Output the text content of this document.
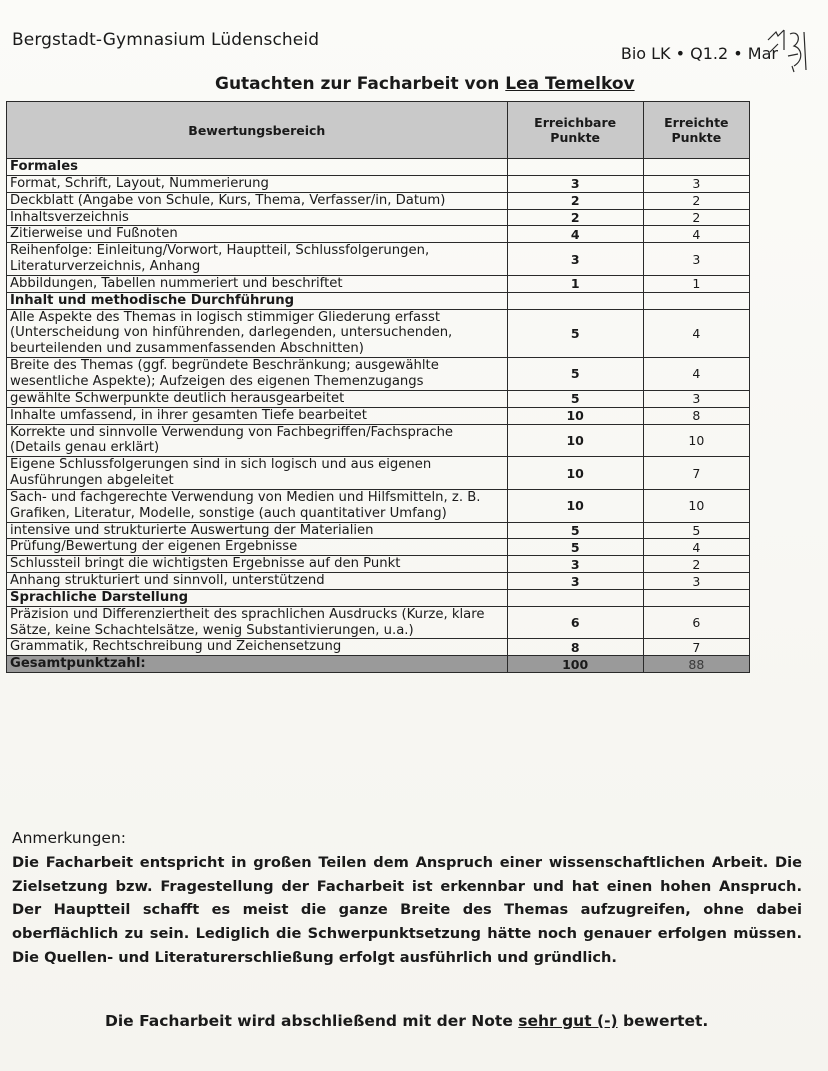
Bergstadt-Gymnasium Lüdenscheid
Bio LK • Q1.2 • Mar
Gutachten zur Facharbeit von Lea Temelkov
Bewertungsbereich	Erreichbare Punkte	Erreichte Punkte
Formales		
Format, Schrift, Layout, Nummerierung	3	3
Deckblatt (Angabe von Schule, Kurs, Thema, Verfasser/in, Datum)	2	2
Inhaltsverzeichnis	2	2
Zitierweise und Fußnoten	4	4
Reihenfolge: Einleitung/Vorwort, Hauptteil, Schlussfolgerungen, Literaturverzeichnis, Anhang	3	3
Abbildungen, Tabellen nummeriert und beschriftet	1	1
Inhalt und methodische Durchführung		
Alle Aspekte des Themas in logisch stimmiger Gliederung erfasst (Unterscheidung von hinführenden, darlegenden, untersuchenden, beurteilenden und zusammenfassenden Abschnitten)	5	4
Breite des Themas (ggf. begründete Beschränkung; ausgewählte wesentliche Aspekte); Aufzeigen des eigenen Themenzugangs	5	4
gewählte Schwerpunkte deutlich herausgearbeitet	5	3
Inhalte umfassend, in ihrer gesamten Tiefe bearbeitet	10	8
Korrekte und sinnvolle Verwendung von Fachbegriffen/Fachsprache (Details genau erklärt)	10	10
Eigene Schlussfolgerungen sind in sich logisch und aus eigenen Ausführungen abgeleitet	10	7
Sach- und fachgerechte Verwendung von Medien und Hilfsmitteln, z. B. Grafiken, Literatur, Modelle, sonstige (auch quantitativer Umfang)	10	10
intensive und strukturierte Auswertung der Materialien	5	5
Prüfung/Bewertung der eigenen Ergebnisse	5	4
Schlussteil bringt die wichtigsten Ergebnisse auf den Punkt	3	2
Anhang strukturiert und sinnvoll, unterstützend	3	3
Sprachliche Darstellung		
Präzision und Differenziertheit des sprachlichen Ausdrucks (Kurze, klare Sätze, keine Schachtelsätze, wenig Substantivierungen, u.a.)	6	6
Grammatik, Rechtschreibung und Zeichensetzung	8	7
Gesamtpunktzahl:	100	88
Anmerkungen:
Die Facharbeit entspricht in großen Teilen dem Anspruch einer wissenschaftlichen Arbeit. Die Zielsetzung bzw. Fragestellung der Facharbeit ist erkennbar und hat einen hohen Anspruch. Der Hauptteil schafft es meist die ganze Breite des Themas aufzugreifen, ohne dabei oberflächlich zu sein. Lediglich die Schwerpunktsetzung hätte noch genauer erfolgen müssen. Die Quellen- und Literaturerschließung erfolgt ausführlich und gründlich.
Die Facharbeit wird abschließend mit der Note sehr gut (-) bewertet.
